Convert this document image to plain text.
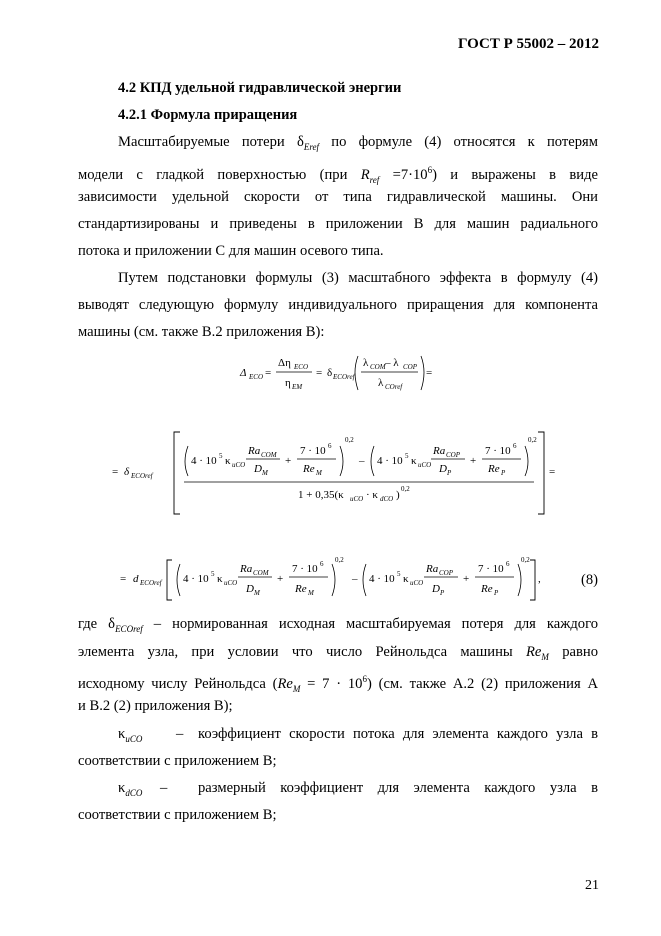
ГОСТ Р 55002 – 2012
4.2 КПД удельной гидравлической энергии
4.2.1 Формула приращения
Масштабируемые потери $\delta_{Eref}$ по формуле (4) относятся к потерям
модели с гладкой поверхностью (при $R_{ref} =7\cdot 10^6$) и выражены в виде
зависимости удельной скорости от типа гидравлической машины. Они
стандартизированы и приведены в приложении В для машин радиального
потока и приложении С для машин осевого типа.
Путем подстановки формулы (3) масштабного эффекта в формулу (4)
выводят следующую формулу индивидуального приращения для компонента
машины (см. также В.2 приложения В):
Δ ECO =
Δη ECO
η EM
= δ ECOref
λ COM – λ COP
λ COref
=
= δ ECOref
4 · 10 5 κ uCO
Ra COM
D M
+
7 · 10 6
Re M
0,2
– 4 · 10 5 κ uCO
Ra COP
D P
+
7 · 10 6
Re P
0,2
1 + 0,35(κ uCO · κ dCO ) 0,2
=
= d ECOref 4 · 10 5 κ uCO
Ra COM
D M
+
7 · 10 6
Re M
0,2
– 4 · 10 5 κ uCO
Ra COP
D P
+
7 · 10 6
Re P
0,2
,	(8)
где $\delta_{ECOref}$ – нормированная исходная масштабируемая потеря для каждого
элемента узла, при условии что число Рейнольдса машины $Re_M$ равно
исходному числу Рейнольдса $(Re_M = 7 \cdot 10^6)$ (см. также А.2 (2) приложения А
и В.2 (2) приложения В);
$\kappa_{uCO}$	–	коэффициент скорости потока для элемента каждого узла в
соответствии с приложением В;
$\kappa_{dCO}$	–	размерный коэффициент для элемента каждого узла в
соответствии с приложением В;
21
